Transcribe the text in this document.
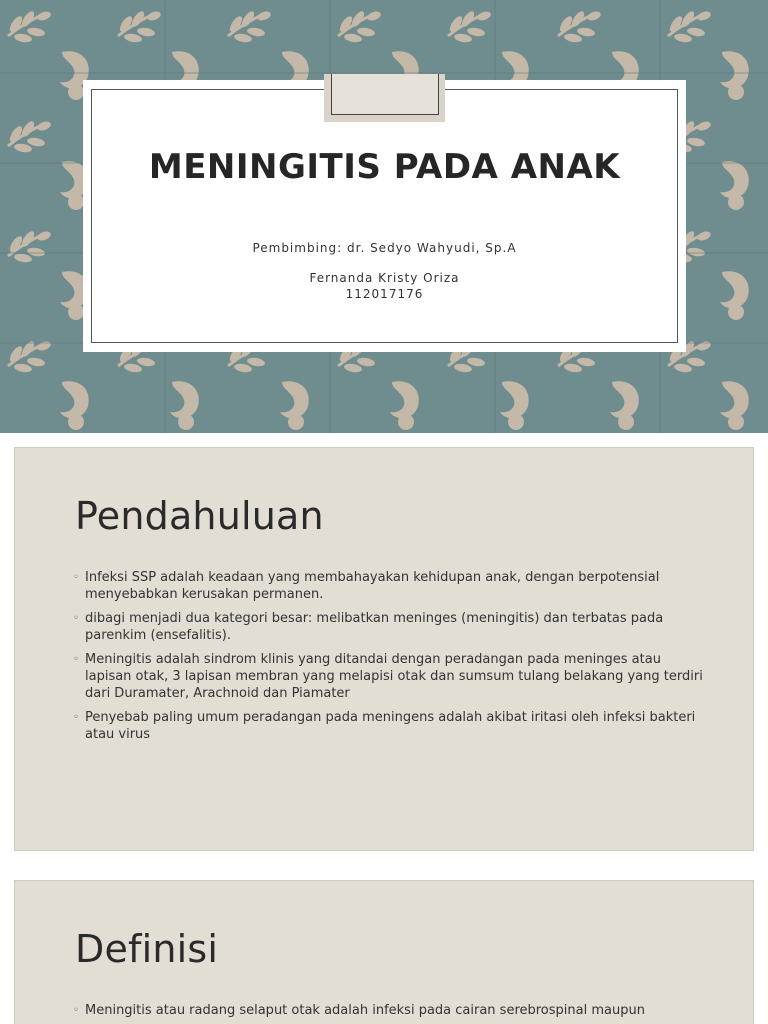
MENINGITIS PADA ANAK
Pembimbing: dr. Sedyo Wahyudi, Sp.A
Fernanda Kristy Oriza
112017176
Pendahuluan
◦ Infeksi SSP adalah keadaan yang membahayakan kehidupan anak, dengan berpotensial menyebabkan kerusakan permanen.
◦ dibagi menjadi dua kategori besar: melibatkan meninges (meningitis) dan terbatas pada parenkim (ensefalitis).
◦ Meningitis adalah sindrom klinis yang ditandai dengan peradangan pada meninges atau lapisan otak, 3 lapisan membran yang melapisi otak dan sumsum tulang belakang yang terdiri dari Duramater, Arachnoid dan Piamater
◦ Penyebab paling umum peradangan pada meningens adalah akibat iritasi oleh infeksi bakteri atau virus
Definisi
◦ Meningitis atau radang selaput otak adalah infeksi pada cairan serebrospinal maupun
